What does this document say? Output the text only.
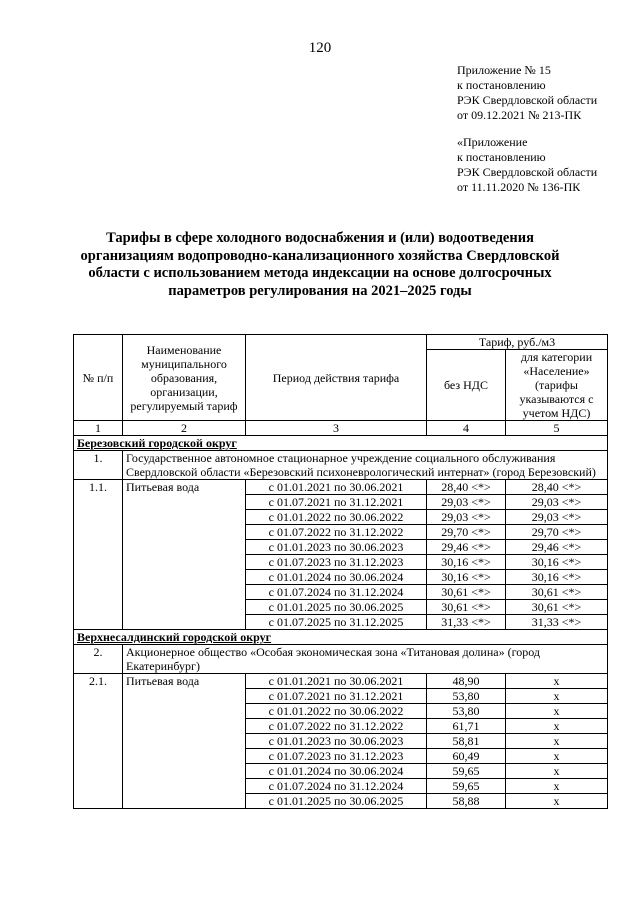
120
Приложение № 15
к постановлению
РЭК Свердловской области
от 09.12.2021 № 213-ПК
«Приложение
к постановлению
РЭК Свердловской области
от 11.11.2020 № 136-ПК
Тарифы в сфере холодного водоснабжения и (или) водоотведения организациям водопроводно-канализационного хозяйства Свердловской области с использованием метода индексации на основе долгосрочных параметров регулирования на 2021–2025 годы
№ п/п	Наименование муниципального образования, организации, регулируемый тариф	Период действия тарифа	Тариф, руб./м3	
			без НДС	для категории «Население» (тарифы указываются с учетом НДС)
1	2	3	4	5
Березовский городской округ				
1.	Государственное автономное стационарное учреждение социального обслуживания Свердловской области «Березовский психоневрологический интернат» (город Березовский)			
1.1.	Питьевая вода	с 01.01.2021 по 30.06.2021	28,40 <*>	28,40 <*>
		с 01.07.2021 по 31.12.2021	29,03 <*>	29,03 <*>
		с 01.01.2022 по 30.06.2022	29,03 <*>	29,03 <*>
		с 01.07.2022 по 31.12.2022	29,70 <*>	29,70 <*>
		с 01.01.2023 по 30.06.2023	29,46 <*>	29,46 <*>
		с 01.07.2023 по 31.12.2023	30,16 <*>	30,16 <*>
		с 01.01.2024 по 30.06.2024	30,16 <*>	30,16 <*>
		с 01.07.2024 по 31.12.2024	30,61 <*>	30,61 <*>
		с 01.01.2025 по 30.06.2025	30,61 <*>	30,61 <*>
		с 01.07.2025 по 31.12.2025	31,33 <*>	31,33 <*>
Верхнесалдинский городской округ				
2.	Акционерное общество «Особая экономическая зона «Титановая долина» (город Екатеринбург)			
2.1.	Питьевая вода	с 01.01.2021 по 30.06.2021	48,90	x
		с 01.07.2021 по 31.12.2021	53,80	x
		с 01.01.2022 по 30.06.2022	53,80	x
		с 01.07.2022 по 31.12.2022	61,71	x
		с 01.01.2023 по 30.06.2023	58,81	x
		с 01.07.2023 по 31.12.2023	60,49	x
		с 01.01.2024 по 30.06.2024	59,65	x
		с 01.07.2024 по 31.12.2024	59,65	x
		с 01.01.2025 по 30.06.2025	58,88	x
